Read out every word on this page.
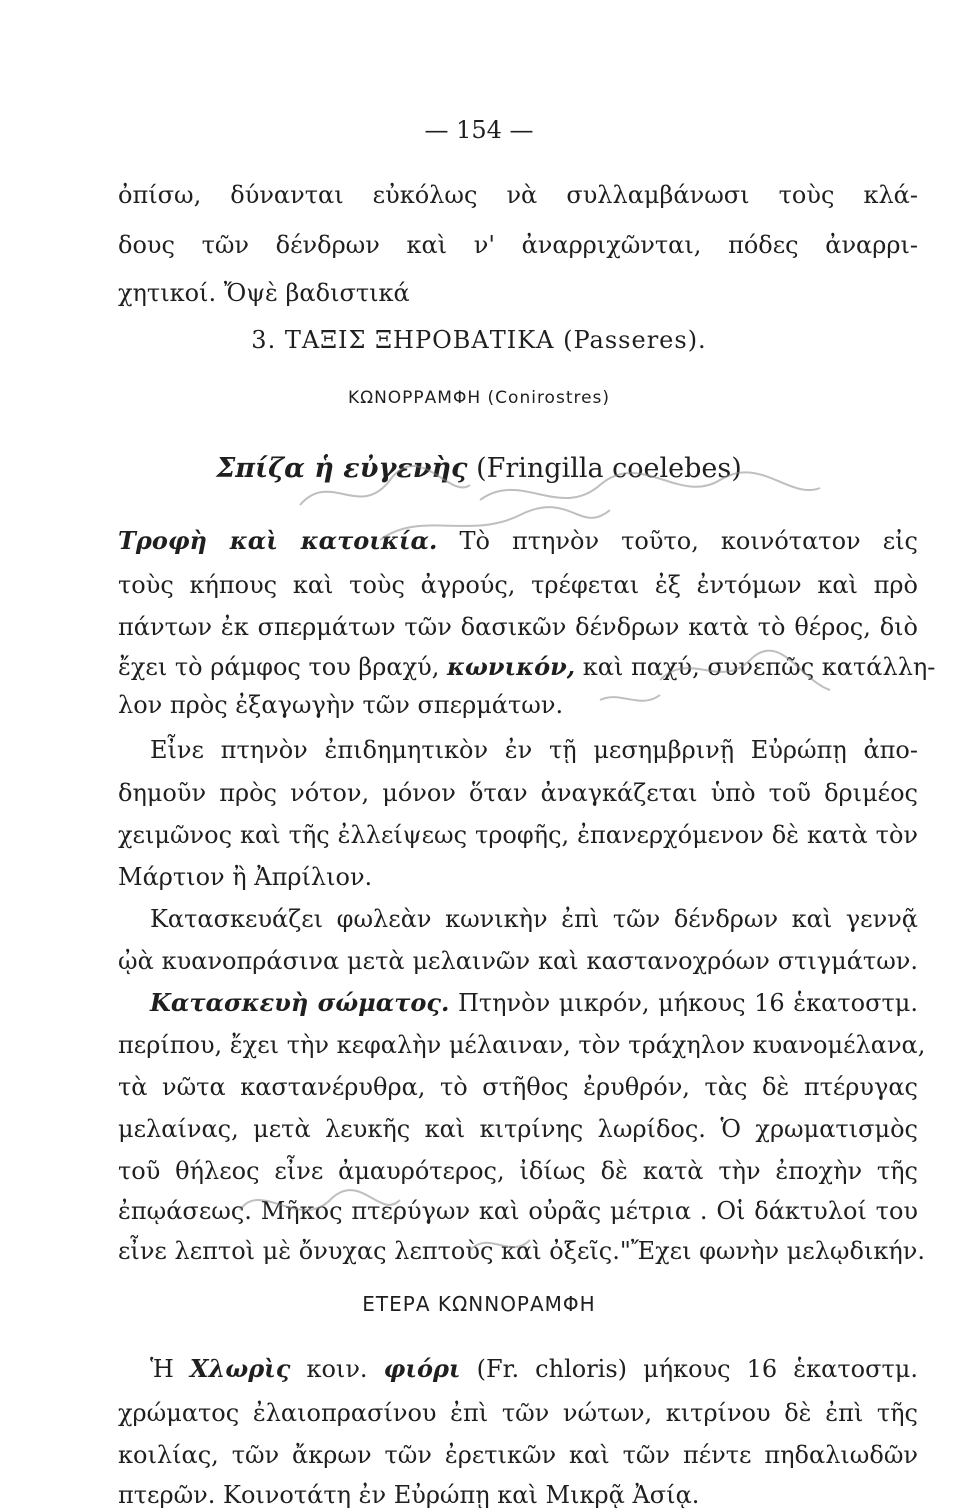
— 154 —
ὀπίσω, δύνανται εὐκόλως νὰ συλλαμβάνωσι τοὺς κλά-
δους τῶν δένδρων καὶ ν' ἀναρριχῶνται, πόδες ἀναρρι-
χητικοί. Ὄψὲ βαδιστικά
3. ΤΑΞΙΣ ΞΗΡΟΒΑΤΙΚΑ (Passeres).
ΚΩΝΟΡΡΑΜΦΗ (Conirostres)
Σπίζα ἡ εὐγενὴς (Fringilla coelebes)
Τροφὴ καὶ κατοικία. Τὸ πτηνὸν τοῦτο, κοινότατον εἰς
τοὺς κήπους καὶ τοὺς ἀγρούς, τρέφεται ἐξ ἐντόμων καὶ πρὸ
πάντων ἐκ σπερμάτων τῶν δασικῶν δένδρων κατὰ τὸ θέρος, διὸ
ἔχει τὸ ράμφος του βραχύ, κωνικόν, καὶ παχύ, συνεπῶς κατάλλη-
λον πρὸς ἐξαγωγὴν τῶν σπερμάτων.
Εἶνε πτηνὸν ἐπιδημητικὸν ἐν τῇ μεσημβρινῇ Εὐρώπῃ ἀπο-
δημοῦν πρὸς νότον, μόνον ὅταν ἀναγκάζεται ὑπὸ τοῦ δριμέος
χειμῶνος καὶ τῆς ἐλλείψεως τροφῆς, ἐπανερχόμενον δὲ κατὰ τὸν
Μάρτιον ἢ Ἀπρίλιον.
Κατασκευάζει φωλεὰν κωνικὴν ἐπὶ τῶν δένδρων καὶ γεννᾷ
ᾠὰ κυανοπράσινα μετὰ μελαινῶν καὶ καστανοχρόων στιγμάτων.
Κατασκευὴ σώματος. Πτηνὸν μικρόν, μήκους 16 ἑκατοστμ.
περίπου, ἔχει τὴν κεφαλὴν μέλαιναν, τὸν τράχηλον κυανομέλανα,
τὰ νῶτα καστανέρυθρα, τὸ στῆθος ἐρυθρόν, τὰς δὲ πτέρυγας
μελαίνας, μετὰ λευκῆς καὶ κιτρίνης λωρίδος. Ὁ χρωματισμὸς
τοῦ θήλεος εἶνε ἀμαυρότερος, ἰδίως δὲ κατὰ τὴν ἐποχὴν τῆς
ἐπῳάσεως. Μῆκος πτερύγων καὶ οὐρᾶς μέτρια . Οἱ δάκτυλοί του
εἶνε λεπτοὶ μὲ ὄνυχας λεπτοὺς καὶ ὀξεῖς."Ἔχει φωνὴν μελῳδικήν.
ΕΤΕΡΑ ΚΩΝΝΟΡΑΜΦΗ
Ἡ Χλωρὶς κοιν. φιόρι (Fr. chloris) μήκους 16 ἑκατοστμ.
χρώματος ἐλαιοπρασίνου ἐπὶ τῶν νώτων, κιτρίνου δὲ ἐπὶ τῆς
κοιλίας, τῶν ἄκρων τῶν ἐρετικῶν καὶ τῶν πέντε πηδαλιωδῶν
πτερῶν. Κοινοτάτη ἐν Εὐρώπῃ καὶ Μικρᾷ Ἀσίᾳ.
